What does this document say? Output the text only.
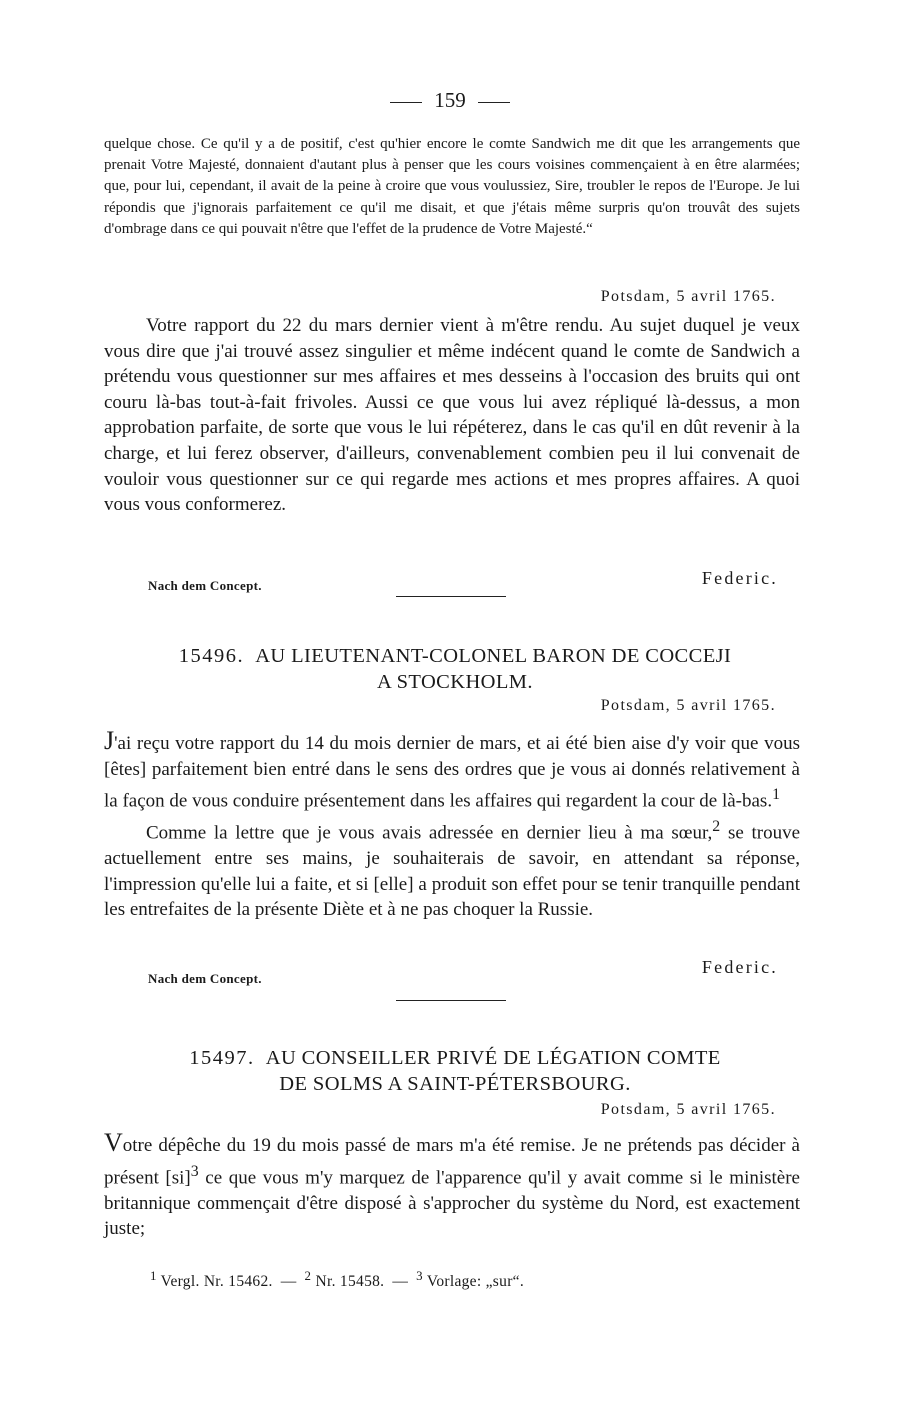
159

quelque chose. Ce qu'il y a de positif, c'est qu'hier encore le comte Sandwich me dit que les arrangements que prenait Votre Majesté, donnaient d'autant plus à penser que les cours voisines commençaient à en être alarmées; que, pour lui, cependant, il avait de la peine à croire que vous voulussiez, Sire, troubler le repos de l'Europe. Je lui répondis que j'ignorais parfaitement ce qu'il me disait, et que j'étais même surpris qu'on trouvât des sujets d'ombrage dans ce qui pouvait n'être que l'effet de la prudence de Votre Majesté.“

Potsdam, 5 avril 1765.

Votre rapport du 22 du mars dernier vient à m'être rendu. Au sujet duquel je veux vous dire que j'ai trouvé assez singulier et même indécent quand le comte de Sandwich a prétendu vous questionner sur mes affaires et mes desseins à l'occasion des bruits qui ont couru là-bas tout-à-fait frivoles. Aussi ce que vous lui avez répliqué là-dessus, a mon approbation parfaite, de sorte que vous le lui répéterez, dans le cas qu'il en dût revenir à la charge, et lui ferez observer, d'ailleurs, convenablement combien peu il lui convenait de vouloir vous questionner sur ce qui regarde mes actions et mes propres affaires. A quoi vous vous conformerez.

Nach dem Concept.	Federic.
15496. AU LIEUTENANT-COLONEL BARON DE COCCEJI
A STOCKHOLM.
Potsdam, 5 avril 1765.

J'ai reçu votre rapport du 14 du mois dernier de mars, et ai été bien aise d'y voir que vous [êtes] parfaitement bien entré dans le sens des ordres que je vous ai donnés relativement à la façon de vous conduire présentement dans les affaires qui regardent la cour de là-bas.$^1$

Comme la lettre que je vous avais adressée en dernier lieu à ma sœur,$^2$ se trouve actuellement entre ses mains, je souhaiterais de savoir, en attendant sa réponse, l'impression qu'elle lui a faite, et si [elle] a produit son effet pour se tenir tranquille pendant les entrefaites de la présente Diète et à ne pas choquer la Russie.

Nach dem Concept.
Federic.
15497. AU CONSEILLER PRIVÉ DE LÉGATION COMTE
DE SOLMS A SAINT-PÉTERSBOURG.
Potsdam, 5 avril 1765.

Votre dépêche du 19 du mois passé de mars m'a été remise. Je ne prétends pas décider à présent [si]$^3$ ce que vous m'y marquez de l'apparence qu'il y avait comme si le ministère britannique commençait d'être disposé à s'approcher du système du Nord, est exactement juste;

$^1$ Vergl. Nr. 15462. — $^2$ Nr. 15458. — $^3$ Vorlage: „sur“.
